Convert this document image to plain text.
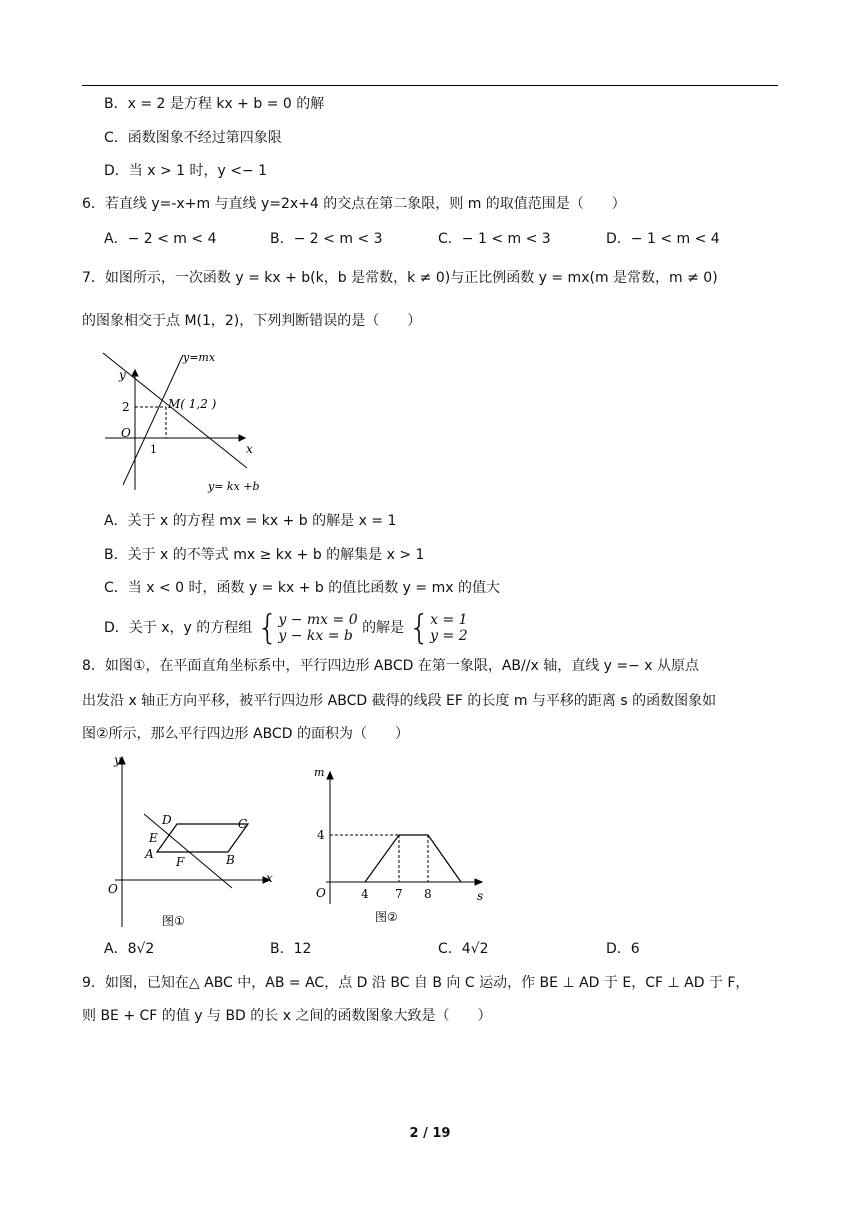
B．x = 2 是方程 kx + b = 0 的解
C．函数图象不经过第四象限
D．当 x > 1 时，y <− 1
6．若直线 y=-x+m 与直线 y=2x+4 的交点在第二象限，则 m 的取值范围是（　　）
A．− 2 < m < 4	B．− 2 < m < 3	C．− 1 < m < 3	D．− 1 < m < 4
7．如图所示，一次函数 y = kx + b(k，b 是常数，k ≠ 0)与正比例函数 y = mx(m 是常数，m ≠ 0)
的图象相交于点 M(1，2)，下列判断错误的是（　　）
y
x
O
2
1
M( 1,2 )
y=mx
y= kx +b
A．关于 x 的方程 mx = kx + b 的解是 x = 1
B．关于 x 的不等式 mx ≥ kx + b 的解集是 x > 1
C．当 x < 0 时，函数 y = kx + b 的值比函数 y = mx 的值大
D．关于 x，y 的方程组 {y − mx = 0
y − kx = b 的解是 {x = 1
y = 2
8．如图①，在平面直角坐标系中，平行四边形 ABCD 在第一象限，AB//x 轴，直线 y =− x 从原点
出发沿 x 轴正方向平移，被平行四边形 ABCD 截得的线段 EF 的长度 m 与平移的距离 s 的函数图象如
图②所示，那么平行四边形 ABCD 的面积为（　　）
y
x
O
A	B
C
D
E
F
图①
m
s
O
4
4 7 8
图②
A．8√2	B．12	C．4√2	D．6
9．如图，已知在△ ABC 中，AB = AC，点 D 沿 BC 自 B 向 C 运动，作 BE ⊥ AD 于 E，CF ⊥ AD 于 F，
则 BE + CF 的值 y 与 BD 的长 x 之间的函数图象大致是（　　）
2 / 19
